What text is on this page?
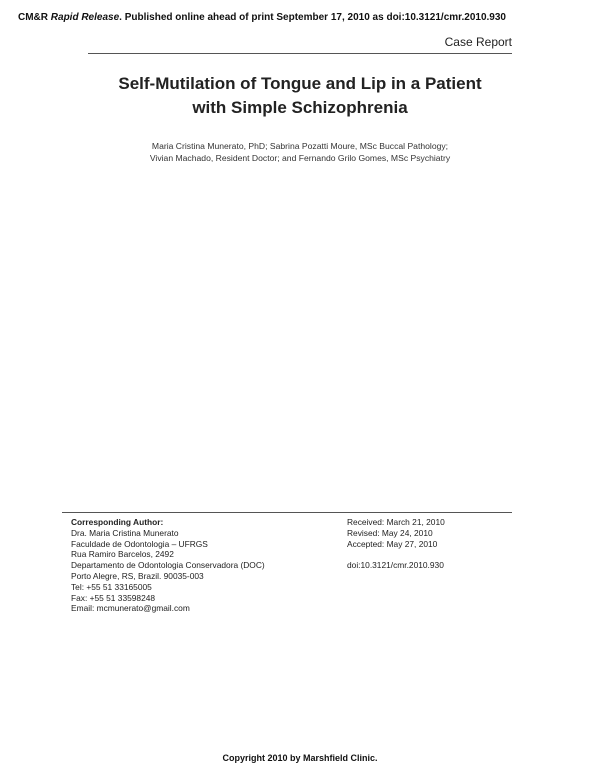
CM&R Rapid Release. Published online ahead of print September 17, 2010 as doi:10.3121/cmr.2010.930
Case Report
Self-Mutilation of Tongue and Lip in a Patient
with Simple Schizophrenia
Maria Cristina Munerato, PhD; Sabrina Pozatti Moure, MSc Buccal Pathology;
Vivian Machado, Resident Doctor; and Fernando Grilo Gomes, MSc Psychiatry
Corresponding Author:
Dra. Maria Cristina Munerato
Faculdade de Odontologia – UFRGS
Rua Ramiro Barcelos, 2492
Departamento de Odontologia Conservadora (DOC)
Porto Alegre, RS, Brazil. 90035-003
Tel: +55 51 33165005
Fax: +55 51 33598248
Email: mcmunerato@gmail.com
Received: March 21, 2010
Revised: May 24, 2010
Accepted: May 27, 2010
doi:10.3121/cmr.2010.930
Copyright 2010 by Marshfield Clinic.
